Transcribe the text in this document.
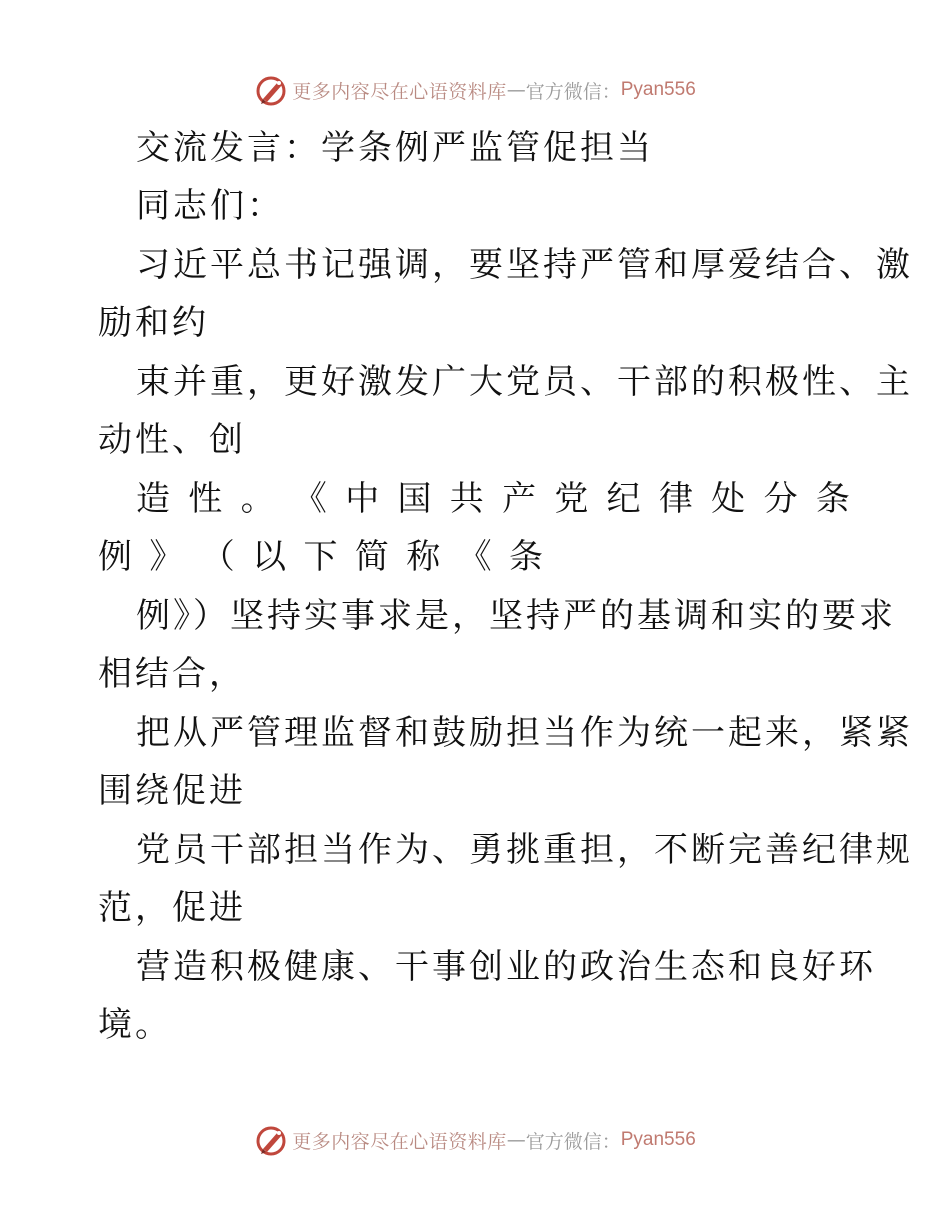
更多内容尽在心语资料库 — 官方微信： Pyan556
交流发言：学条例严监管促担当
同志们：
习近平总书记强调，要坚持严管和厚爱结合、激
励和约
束并重，更好激发广大党员、干部的积极性、主
动性、创
造 性 。 《 中 国 共 产 党 纪 律 处 分 条
例 》 （ 以 下 简 称 《 条
例》）坚持实事求是，坚持严的基调和实的要求
相结合，
把从严管理监督和鼓励担当作为统一起来，紧紧
围绕促进
党员干部担当作为、勇挑重担，不断完善纪律规
范，促进
营造积极健康、干事创业的政治生态和良好环
境。
更多内容尽在心语资料库 — 官方微信： Pyan556
